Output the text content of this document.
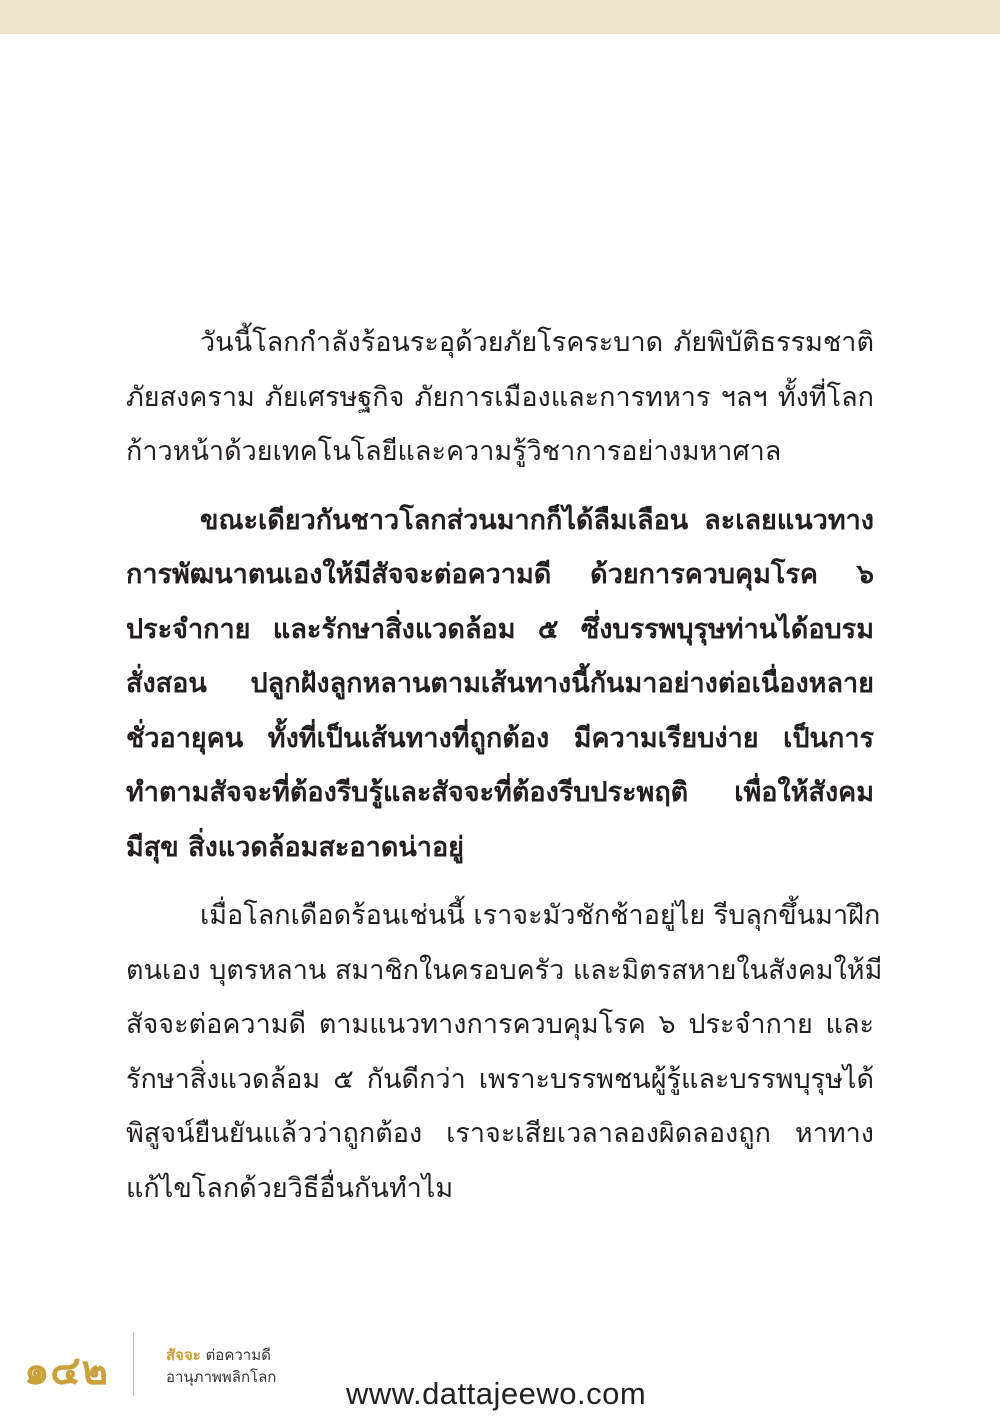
วันนี้โลกกำลังร้อนระอุด้วยภัยโรคระบาด ภัยพิบัติธรรมชาติ
ภัยสงคราม ภัยเศรษฐกิจ ภัยการเมืองและการทหาร ฯลฯ ทั้งที่โลก
ก้าวหน้าด้วยเทคโนโลยีและความรู้วิชาการอย่างมหาศาล

ขณะเดียวกันชาวโลกส่วนมากก็ได้ลืมเลือน ละเลยแนวทาง
การพัฒนาตนเองให้มีสัจจะต่อความดี ด้วยการควบคุมโรค ๖
ประจำกาย และรักษาสิ่งแวดล้อม ๕ ซึ่งบรรพบุรุษท่านได้อบรม
สั่งสอน ปลูกฝังลูกหลานตามเส้นทางนี้กันมาอย่างต่อเนื่องหลาย
ชั่วอายุคน ทั้งที่เป็นเส้นทางที่ถูกต้อง มีความเรียบง่าย เป็นการ
ทำตามสัจจะที่ต้องรีบรู้และสัจจะที่ต้องรีบประพฤติ เพื่อให้สังคม
มีสุข สิ่งแวดล้อมสะอาดน่าอยู่

เมื่อโลกเดือดร้อนเช่นนี้ เราจะมัวชักช้าอยู่ไย รีบลุกขึ้นมาฝึก
ตนเอง บุตรหลาน สมาชิกในครอบครัว และมิตรสหายในสังคมให้มี
สัจจะต่อความดี ตามแนวทางการควบคุมโรค ๖ ประจำกาย และ
รักษาสิ่งแวดล้อม ๕ กันดีกว่า เพราะบรรพชนผู้รู้และบรรพบุรุษได้
พิสูจน์ยืนยันแล้วว่าถูกต้อง เราจะเสียเวลาลองผิดลองถูก หาทาง
แก้ไขโลกด้วยวิธีอื่นกันทำไม

๑๔๒	สัจจะ ต่อความดี
อานุภาพพลิกโลก www.dattajeewo.com
